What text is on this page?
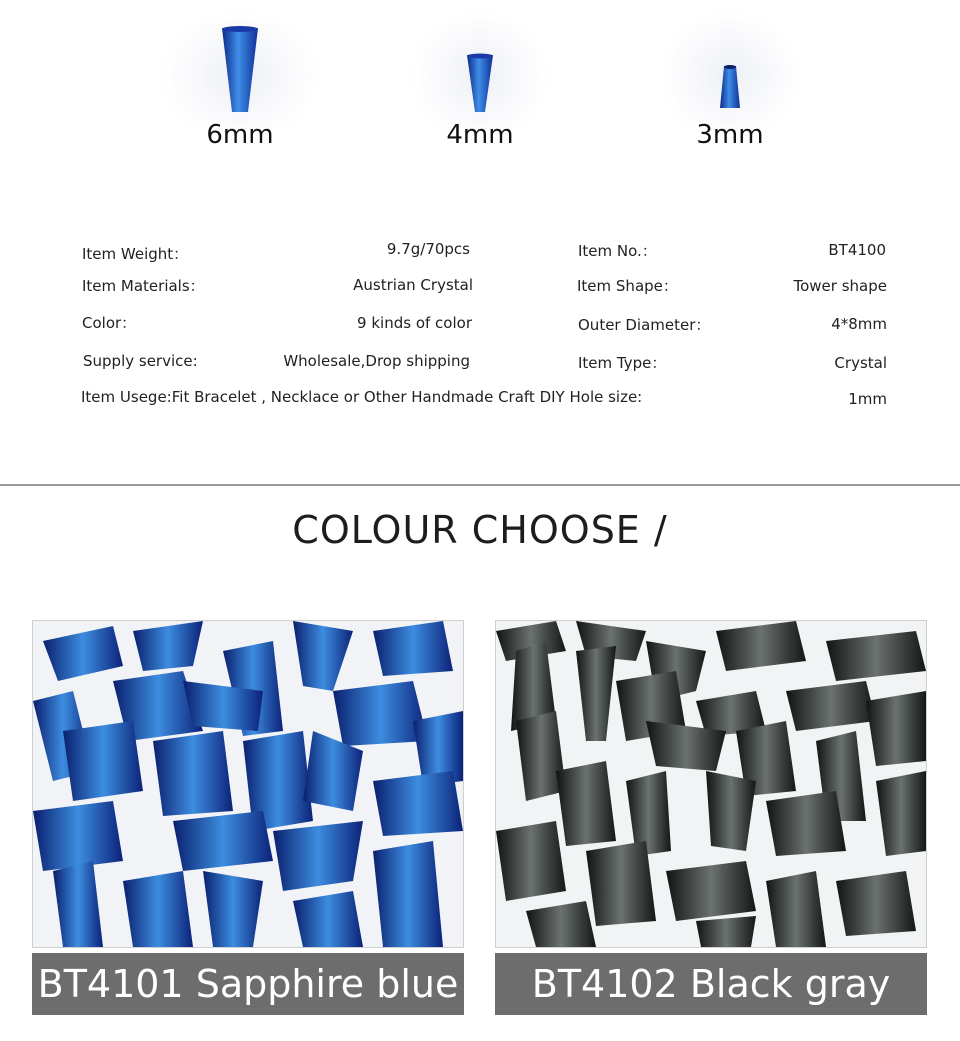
6mm	4mm	3mm
Item Weight：	9.7g/70pcs	Item No.：	BT4100
Item Materials：	Austrian Crystal	Item Shape：	Tower shape
Color：	9 kinds of color	Outer Diameter：	4*8mm
Supply service:	Wholesale,Drop shipping	Item Type：	Crystal
Item Usege:Fit Bracelet , Necklace or Other Handmade Craft DIY Hole size:	1mm
COLOUR CHOOSE /
BT4101 Sapphire blue	BT4102 Black gray
